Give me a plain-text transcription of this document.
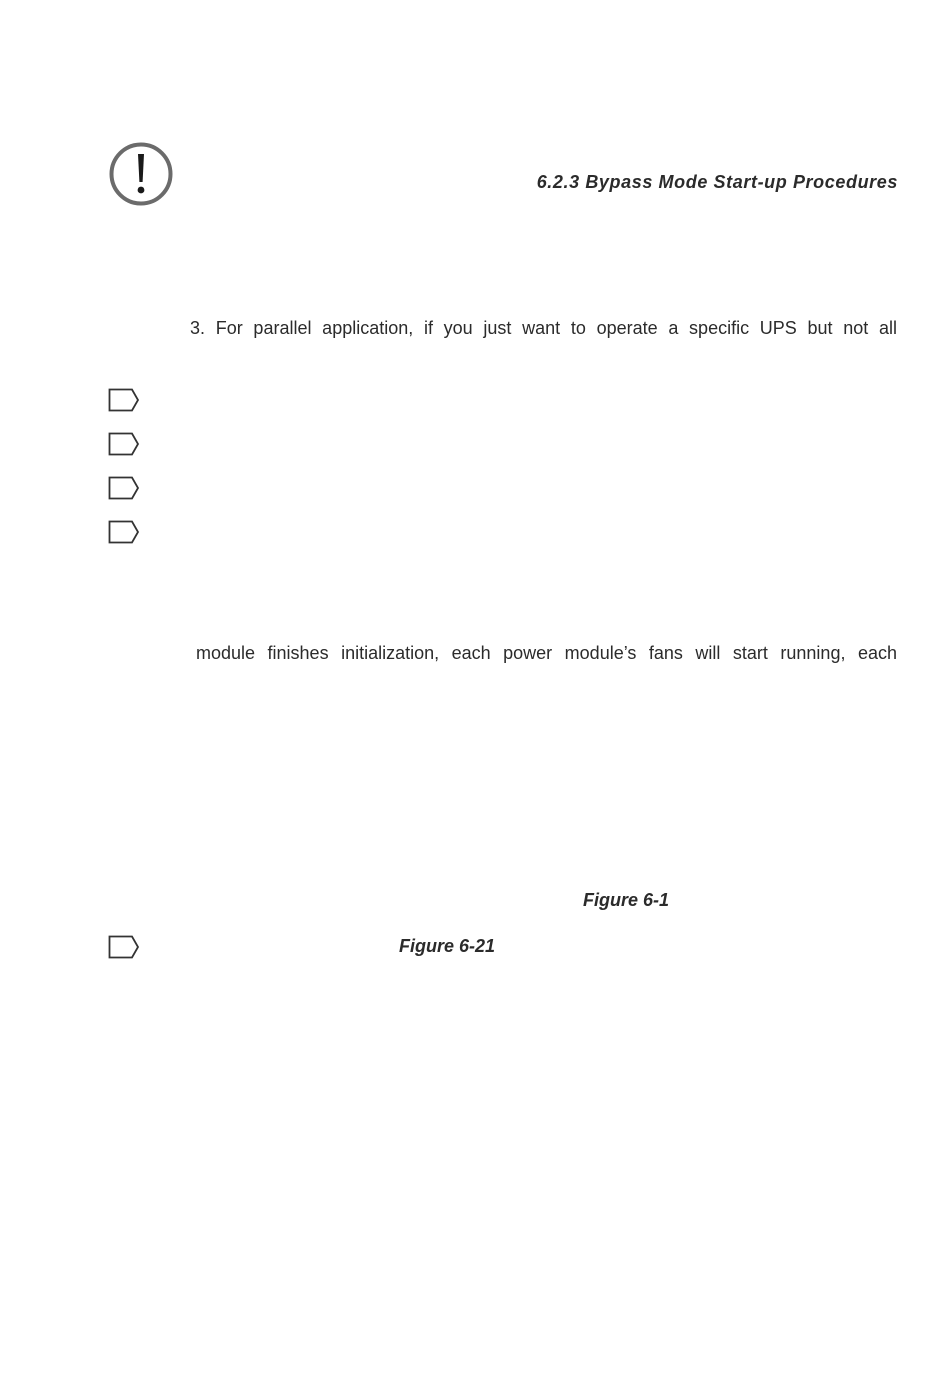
6.2.3 Bypass Mode Start-up Procedures
3. For parallel application, if you just want to operate a specific UPS but not all
module finishes initialization, each power module’s fans will start running, each
Figure 6-1
Figure 6-21
